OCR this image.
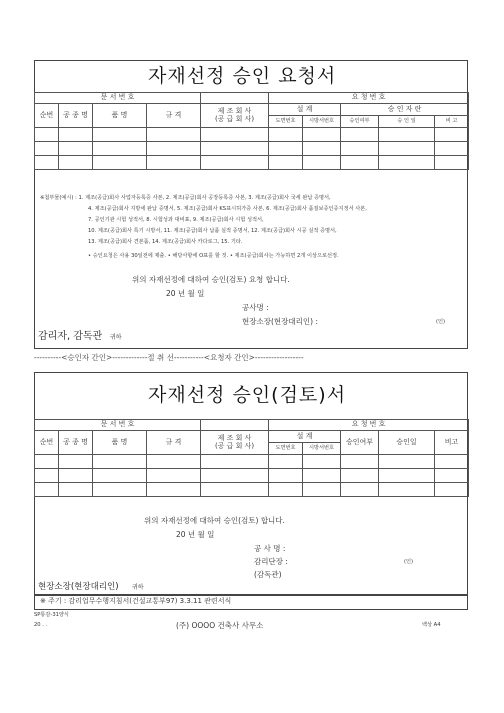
자재선정 승인 요청서
문 서 번 호					요 청 번 호				
순번	공 종 명	품 명	규 격	제 조 회 사
(공 급 회 사)	설 계		승 인 자 란		
					도면번호	시방서번호	승인여부	승 인 일	비 고

※첨부물(예시) : 1. 제조(공급)회사 사업자등록증 사본, 2. 제조(공급)회사 공장등록증 사본, 3. 제조(공급)회사 국세 완납 증명서,
4. 제조(공급)회사 지방세 완납 증명서, 5. 제조(공급)회사 KS표시허가증 사본, 6. 제조(공급)회사 품질보증인증지정서 사본,
7. 공인기관 시험 성적서, 8. 시험성과 대비표, 9. 제조(공급)회사 시험 성적서,
10. 제조(공급)회사 특기 시방서, 11. 제조(공급)회사 납품 실적 증명서, 12. 제조(공급)회사 시공 실적 증명서,
13. 제조(공급)회사 견본품, 14. 제조(공급)회사 카다로그, 15. 기타.
• 승인요청은 사용 30일전에 제출. • 해당사항에 O표를 할 것. • 제조(공급)회사는 가능하면 2개 이상으로선정.
위의 자재선정에 대하여 승인(검토) 요청 합니다.
20 년 월 일
공사명 :
현장소장(현장대리인) :	(인)
감리자, 감독관 귀하
----------<승인자 간인>-------------절 취 선-----------<요청자 간인>------------------
자재선정 승인(검토)서
문 서 번 호					요 청 번 호				
순번	공 종 명	품 명	규 격	제 조 회 사
(공 급 회 사)	설 계		승인여부	승인일	비고
					도면번호	시방서번호			

위의 자재선정에 대하여 승인(검토) 합니다.
20 년 월 일
공 사 명 :
감리단장 :	(인)
(감독관)
현장소장(현장대리인) 귀하
※ 주기 : 감리업무수행지침서(건설교통부97) 3.3.11 관련서식
SP통감-31양식
20 . .	(주) OOOO 건축사 사무소	백상 A4
